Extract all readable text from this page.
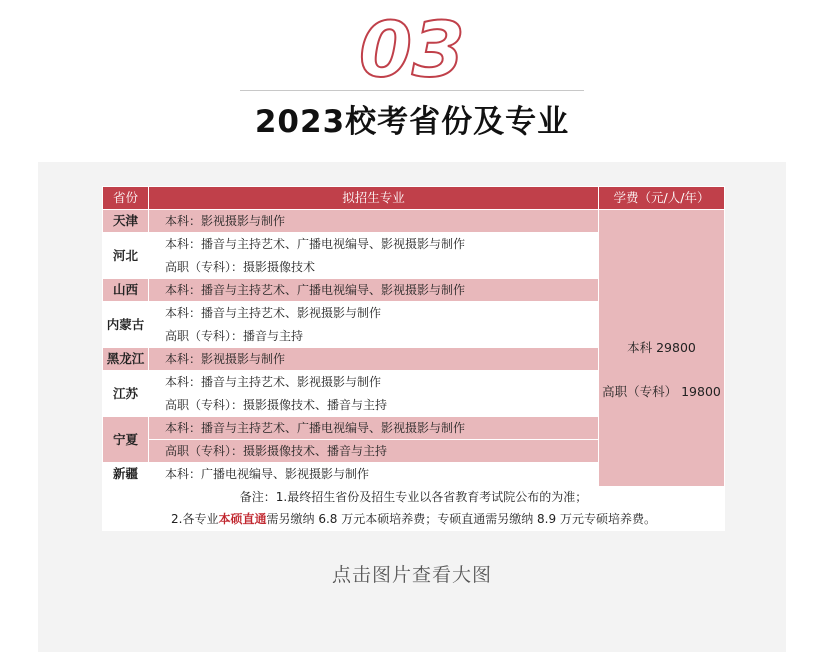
03
2023校考省份及专业
省份	拟招生专业	学费（元/人/年）
天津	本科：影视摄影与制作	本科 29800
高职（专科） 19800

河北	本科：播音与主持艺术、广播电视编导、影视摄影与制作	
	高职（专科）：摄影摄像技术	
山西	本科：播音与主持艺术、广播电视编导、影视摄影与制作	
内蒙古	本科：播音与主持艺术、影视摄影与制作	
	高职（专科）：播音与主持	
黑龙江	本科：影视摄影与制作	
江苏	本科：播音与主持艺术、影视摄影与制作	
	高职（专科）：摄影摄像技术、播音与主持	
宁夏	本科：播音与主持艺术、广播电视编导、影视摄影与制作	
	高职（专科）：摄影摄像技术、播音与主持	
新疆	本科：广播电视编导、影视摄影与制作	

备注：1.最终招生省份及招生专业以各省教育考试院公布的为准；
2.各专业本硕直通需另缴纳 6.8 万元本硕培养费；专硕直通需另缴纳 8.9 万元专硕培养费。		
点击图片查看大图
